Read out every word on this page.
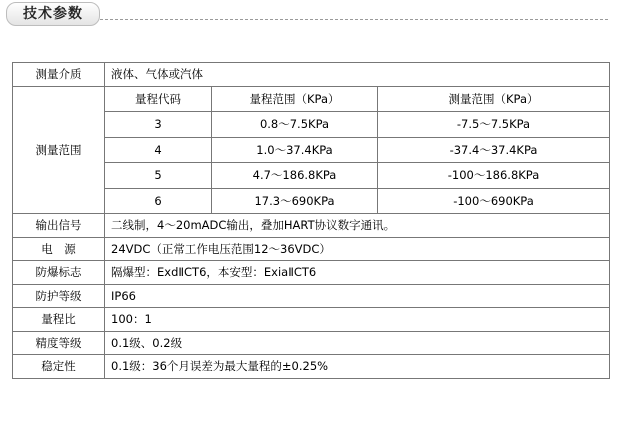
技术参数
测量介质	液体、气体或汽体		
测量范围	量程代码	量程范围（KPa）	测量范围（KPa）
	3	0.8～7.5KPa	-7.5～7.5KPa
	4	1.0～37.4KPa	-37.4～37.4KPa
	5	4.7～186.8KPa	-100～186.8KPa
	6	17.3～690KPa	-100～690KPa
输出信号	二线制，4～20mADC输出，叠加HART协议数字通讯。		
电　源	24VDC（正常工作电压范围12～36VDC）		
防爆标志	隔爆型：ExdⅡCT6，本安型：ExiaⅡCT6		
防护等级	IP66		
量程比	100：1		
精度等级	0.1级、0.2级		
稳定性	0.1级：36个月误差为最大量程的±0.25%		
